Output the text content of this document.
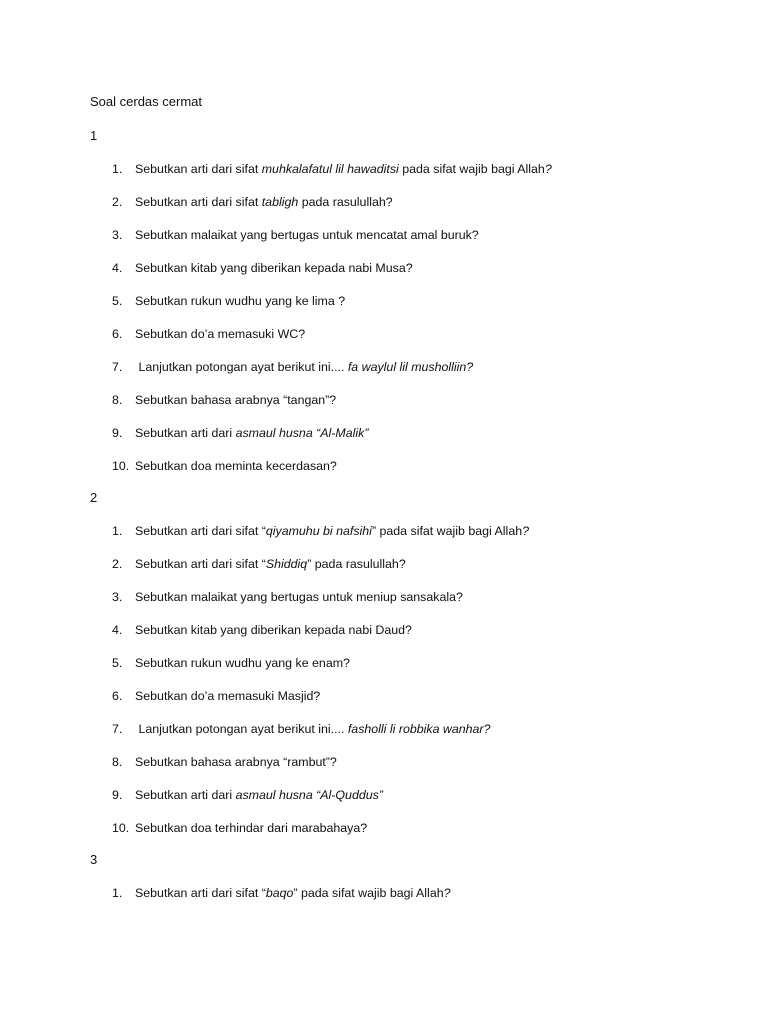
Soal cerdas cermat
1
1. Sebutkan arti dari sifat muhkalafatul lil hawaditsi pada sifat wajib bagi Allah?
2. Sebutkan arti dari sifat tabligh pada rasulullah?
3. Sebutkan malaikat yang bertugas untuk mencatat amal buruk?
4. Sebutkan kitab yang diberikan kepada nabi Musa?
5. Sebutkan rukun wudhu yang ke lima ?
6. Sebutkan do’a memasuki WC?
7. Lanjutkan potongan ayat berikut ini.... fa waylul lil musholliin?
8. Sebutkan bahasa arabnya “tangan”?
9. Sebutkan arti dari asmaul husna “Al-Malik”
10. Sebutkan doa meminta kecerdasan?
2
1. Sebutkan arti dari sifat “qiyamuhu bi nafsihi” pada sifat wajib bagi Allah?
2. Sebutkan arti dari sifat “Shiddiq” pada rasulullah?
3. Sebutkan malaikat yang bertugas untuk meniup sansakala?
4. Sebutkan kitab yang diberikan kepada nabi Daud?
5. Sebutkan rukun wudhu yang ke enam?
6. Sebutkan do’a memasuki Masjid?
7. Lanjutkan potongan ayat berikut ini.... fasholli li robbika wanhar?
8. Sebutkan bahasa arabnya “rambut”?
9. Sebutkan arti dari asmaul husna “Al-Quddus”
10. Sebutkan doa terhindar dari marabahaya?
3
1. Sebutkan arti dari sifat “baqo” pada sifat wajib bagi Allah?
